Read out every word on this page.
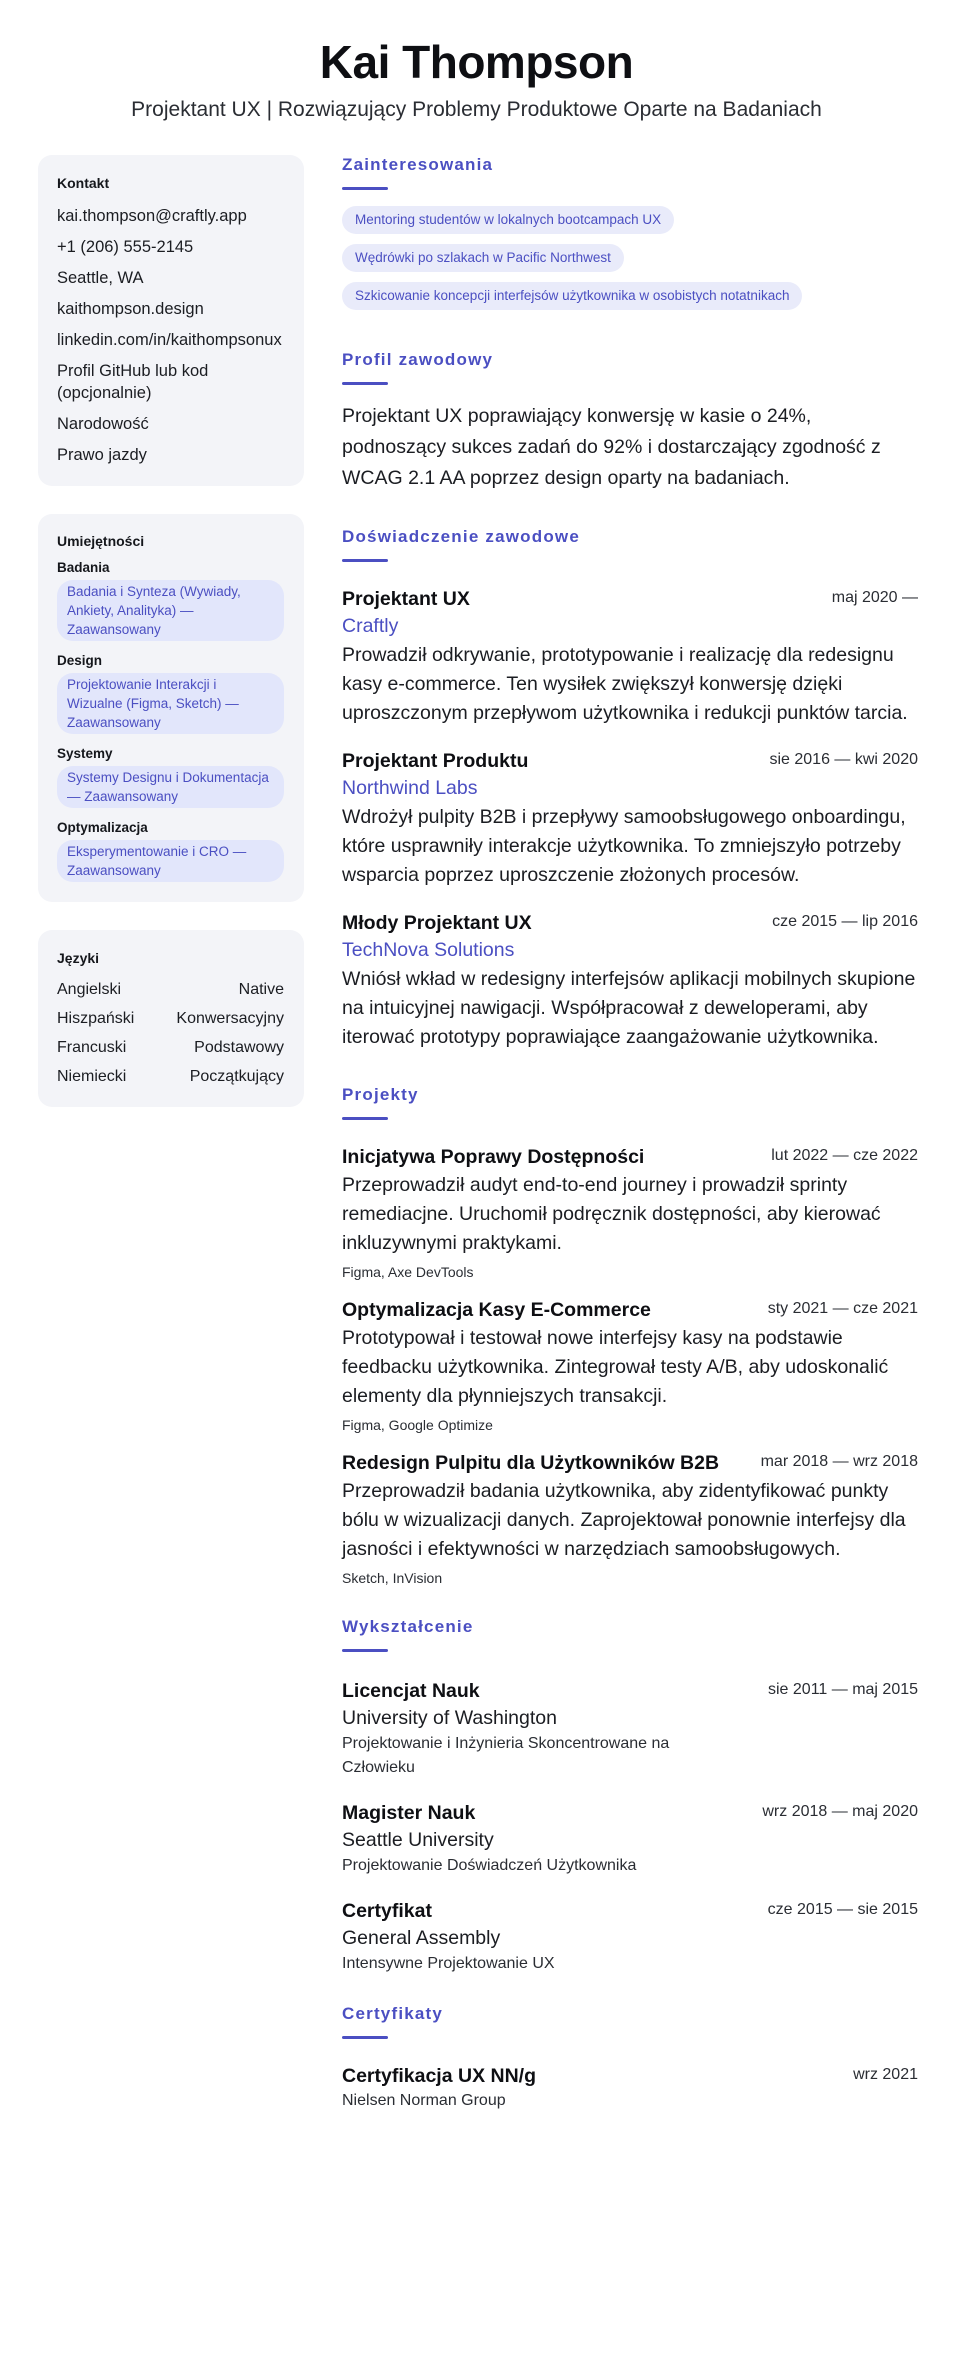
Kai Thompson
Projektant UX | Rozwiązujący Problemy Produktowe Oparte na Badaniach
Kontakt
kai.thompson@craftly.app
+1 (206) 555-2145
Seattle, WA
kaithompson.design
linkedin.com/in/kaithompsonux
Profil GitHub lub kod (opcjonalnie)
Narodowość
Prawo jazdy
Umiejętności
Badania
Badania i Synteza (Wywiady, Ankiety, Analityka) — Zaawansowany
Design
Projektowanie Interakcji i Wizualne (Figma, Sketch) — Zaawansowany
Systemy
Systemy Designu i Dokumentacja — Zaawansowany
Optymalizacja
Eksperymentowanie i CRO — Zaawansowany
Języki
Angielski	Native
Hiszpański	Konwersacyjny
Francuski	Podstawowy
Niemiecki	Początkujący
Zainteresowania
Mentoring studentów w lokalnych bootcampach UX
Wędrówki po szlakach w Pacific Northwest
Szkicowanie koncepcji interfejsów użytkownika w osobistych notatnikach
Profil zawodowy

Projektant UX poprawiający konwersję w kasie o 24%, podnoszący sukces zadań do 92% i dostarczający zgodność z WCAG 2.1 AA poprzez design oparty na badaniach.

Doświadczenie zawodowe
Projektant UX	maj 2020 —
Craftly

Prowadził odkrywanie, prototypowanie i realizację dla redesignu kasy e-commerce. Ten wysiłek zwiększył konwersję dzięki uproszczonym przepływom użytkownika i redukcji punktów tarcia.

Projektant Produktu	sie 2016 — kwi 2020
Northwind Labs

Wdrożył pulpity B2B i przepływy samoobsługowego onboardingu, które usprawniły interakcje użytkownika. To zmniejszyło potrzeby wsparcia poprzez uproszczenie złożonych procesów.

Młody Projektant UX	cze 2015 — lip 2016
TechNova Solutions

Wniósł wkład w redesigny interfejsów aplikacji mobilnych skupione na intuicyjnej nawigacji. Współpracował z deweloperami, aby iterować prototypy poprawiające zaangażowanie użytkownika.

Projekty
Inicjatywa Poprawy Dostępności	lut 2022 — cze 2022

Przeprowadził audyt end-to-end journey i prowadził sprinty remediacjne. Uruchomił podręcznik dostępności, aby kierować inkluzywnymi praktykami.

Figma, Axe DevTools
Optymalizacja Kasy E-Commerce	sty 2021 — cze 2021

Prototypował i testował nowe interfejsy kasy na podstawie feedbacku użytkownika. Zintegrował testy A/B, aby udoskonalić elementy dla płynniejszych transakcji.

Figma, Google Optimize
Redesign Pulpitu dla Użytkowników B2B	mar 2018 — wrz 2018

Przeprowadził badania użytkownika, aby zidentyfikować punkty bólu w wizualizacji danych. Zaprojektował ponownie interfejsy dla jasności i efektywności w narzędziach samoobsługowych.

Sketch, InVision
Wykształcenie
Licencjat Nauk
University of Washington
Projektowanie i Inżynieria Skoncentrowane na Człowieku
sie 2011 — maj 2015
Magister Nauk
Seattle University
Projektowanie Doświadczeń Użytkownika
wrz 2018 — maj 2020
Certyfikat
General Assembly
Intensywne Projektowanie UX
cze 2015 — sie 2015
Certyfikaty
Certyfikacja UX NN/g
Nielsen Norman Group
wrz 2021
